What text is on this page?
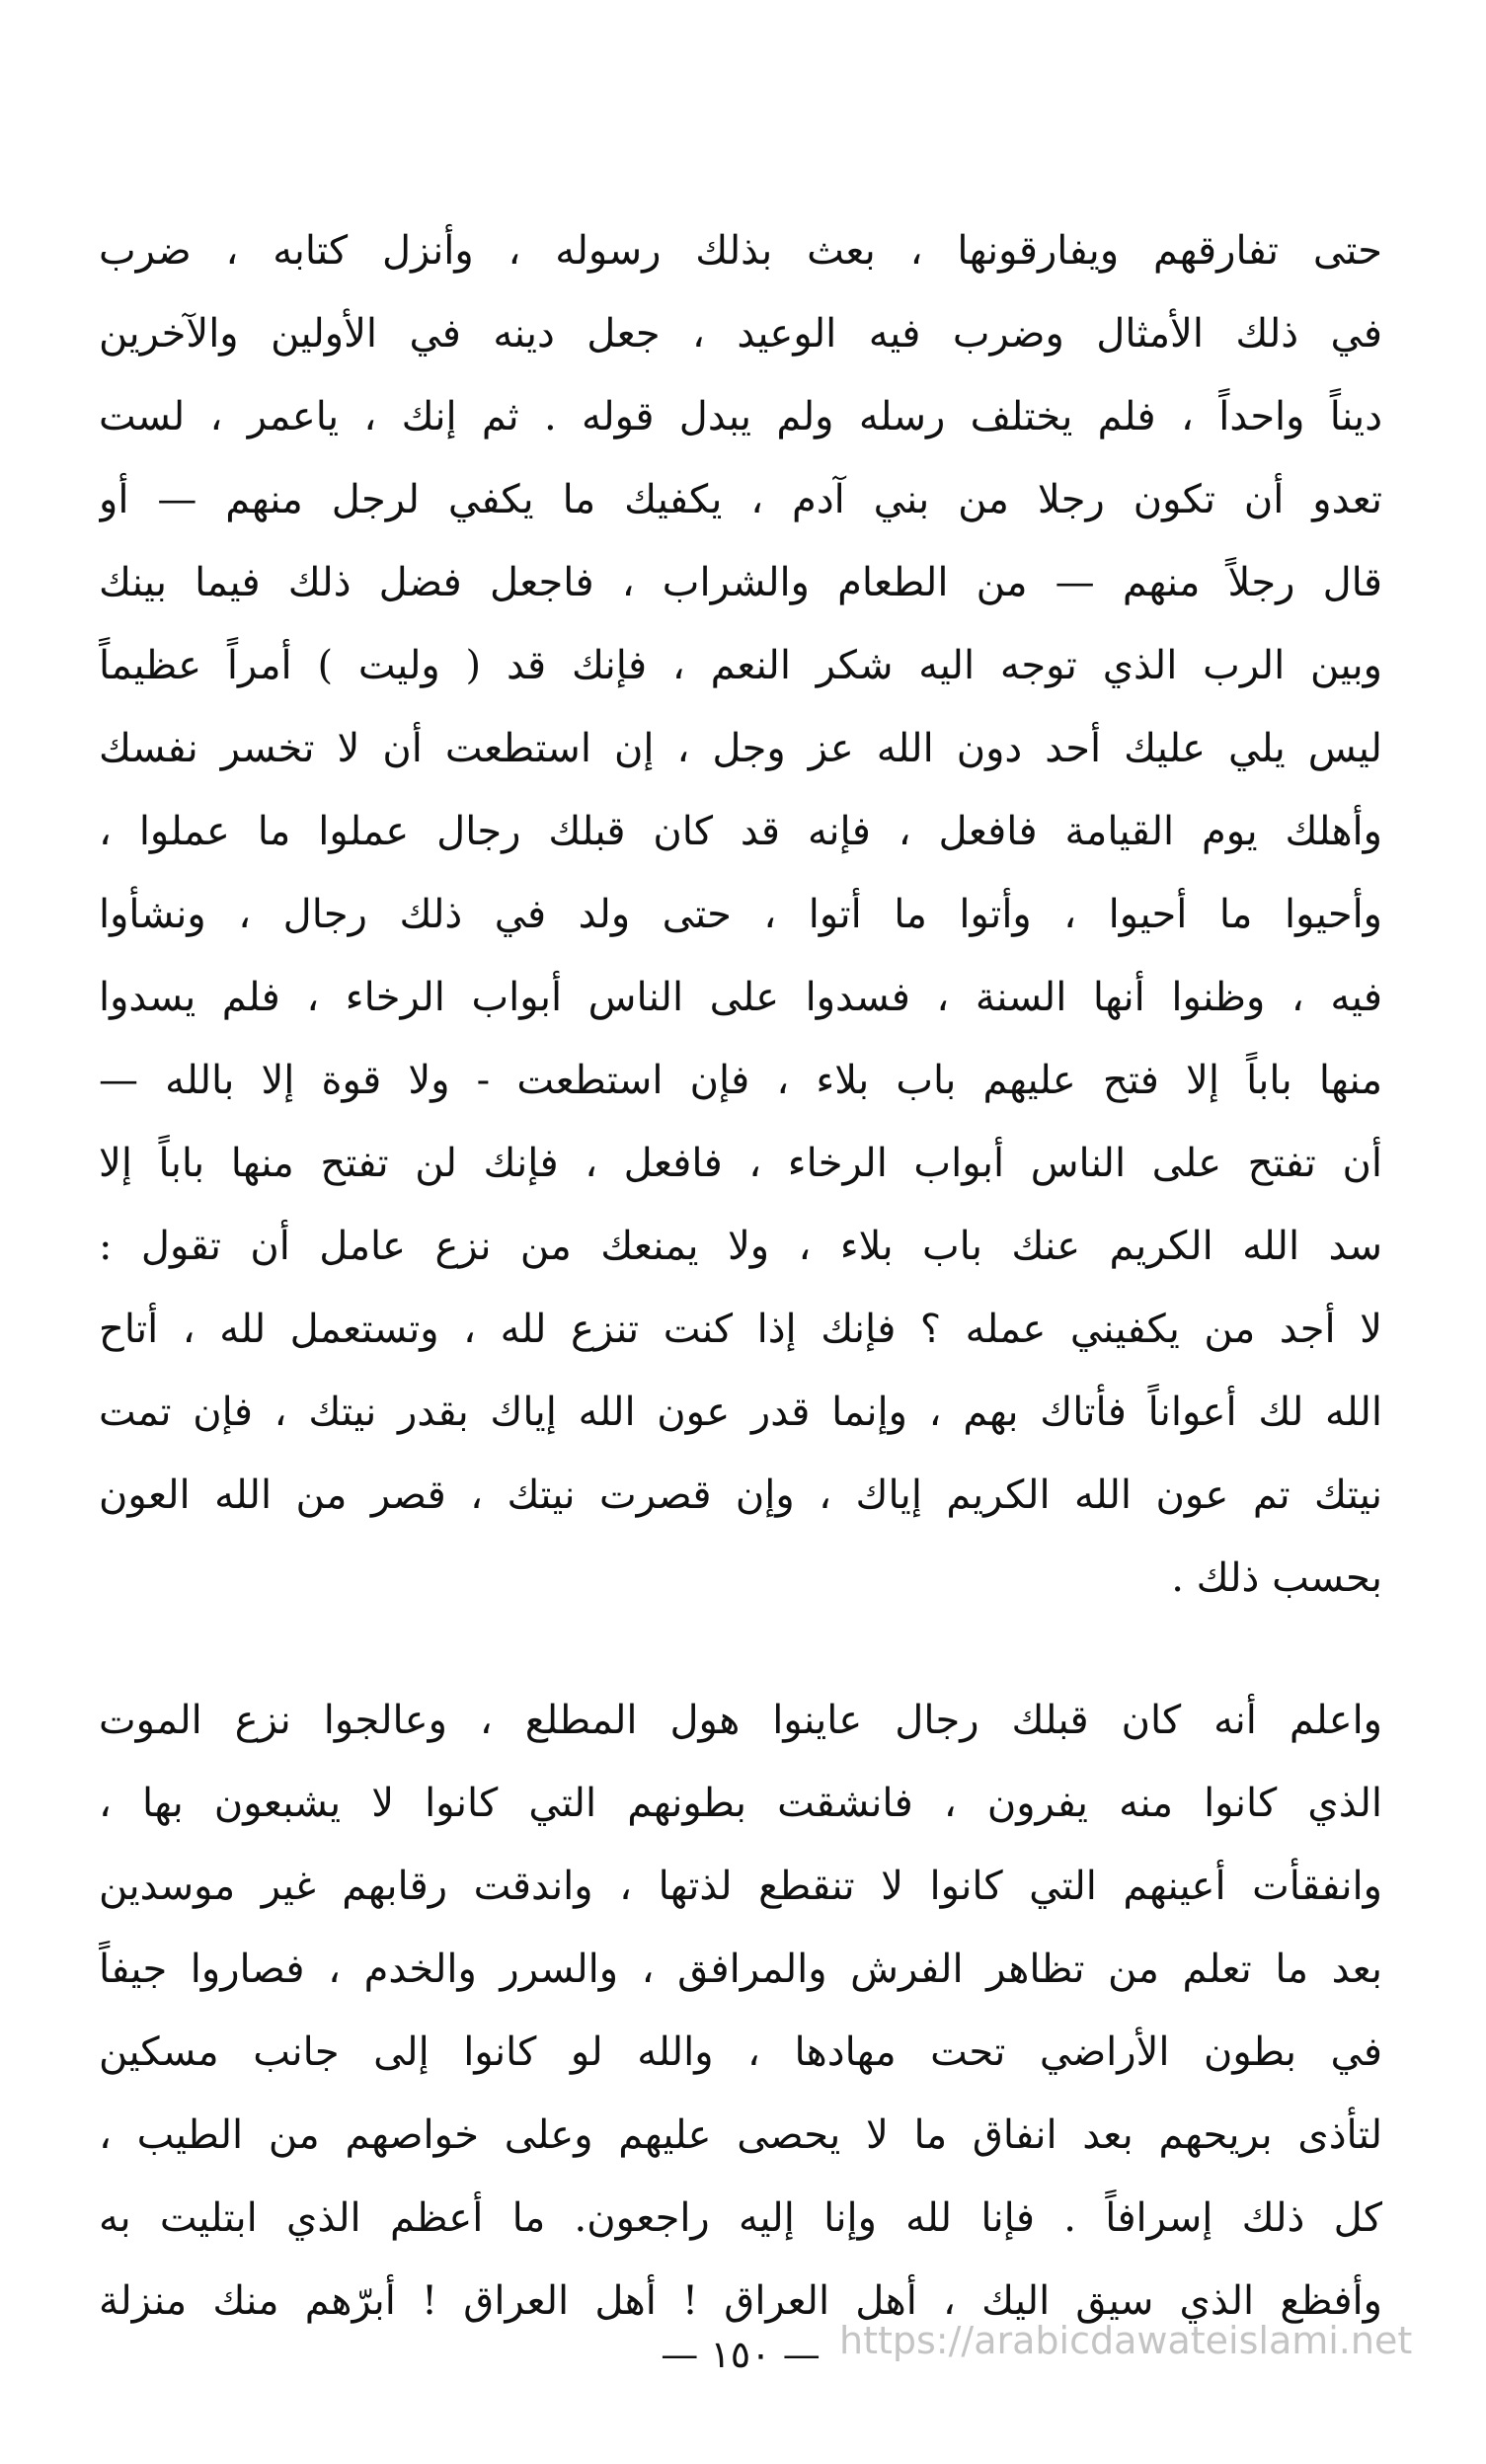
حتى تفارقهم ويفارقونها ، بعث بذلك رسوله ، وأنزل كتابه ، ضرب
في ذلك الأمثال وضرب فيه الوعيد ، جعل دينه في الأولين والآخرين
ديناً واحداً ، فلم يختلف رسله ولم يبدل قوله . ثم إنك ، ياعمر ، لست
تعدو أن تكون رجلا من بني آدم ، يكفيك ما يكفي لرجل منهم — أو
قال رجلاً منهم — من الطعام والشراب ، فاجعل فضل ذلك فيما بينك
وبين الرب الذي توجه اليه شكر النعم ، فإنك قد ( وليت ) أمراً عظيماً
ليس يلي عليك أحد دون الله عز وجل ، إن استطعت أن لا تخسر نفسك
وأهلك يوم القيامة فافعل ، فإنه قد كان قبلك رجال عملوا ما عملوا ،
وأحيوا ما أحيوا ، وأتوا ما أتوا ، حتى ولد في ذلك رجال ، ونشأوا
فيه ، وظنوا أنها السنة ، فسدوا على الناس أبواب الرخاء ، فلم يسدوا
منها باباً إلا فتح عليهم باب بلاء ، فإن استطعت - ولا قوة إلا بالله —
أن تفتح على الناس أبواب الرخاء ، فافعل ، فإنك لن تفتح منها باباً إلا
سد الله الكريم عنك باب بلاء ، ولا يمنعك من نزع عامل أن تقول :
لا أجد من يكفيني عمله ؟ فإنك إذا كنت تنزع لله ، وتستعمل لله ، أتاح
الله لك أعواناً فأتاك بهم ، وإنما قدر عون الله إياك بقدر نيتك ، فإن تمت
نيتك تم عون الله الكريم إياك ، وإن قصرت نيتك ، قصر من الله العون
بحسب ذلك .
واعلم أنه كان قبلك رجال عاينوا هول المطلع ، وعالجوا نزع الموت
الذي كانوا منه يفرون ، فانشقت بطونهم التي كانوا لا يشبعون بها ،
وانفقأت أعينهم التي كانوا لا تنقطع لذتها ، واندقت رقابهم غير موسدين
بعد ما تعلم من تظاهر الفرش والمرافق ، والسرر والخدم ، فصاروا جيفاً
في بطون الأراضي تحت مهادها ، والله لو كانوا إلى جانب مسكين
لتأذى بريحهم بعد انفاق ما لا يحصى عليهم وعلى خواصهم من الطيب ،
كل ذلك إسرافاً . فإنا لله وإنا إليه راجعون. ما أعظم الذي ابتليت به
وأفظع الذي سيق اليك ، أهل العراق ! أهل العراق ! أبرّهم منك منزلة
https://arabicdawateislami.net
— ١٥٠ —
